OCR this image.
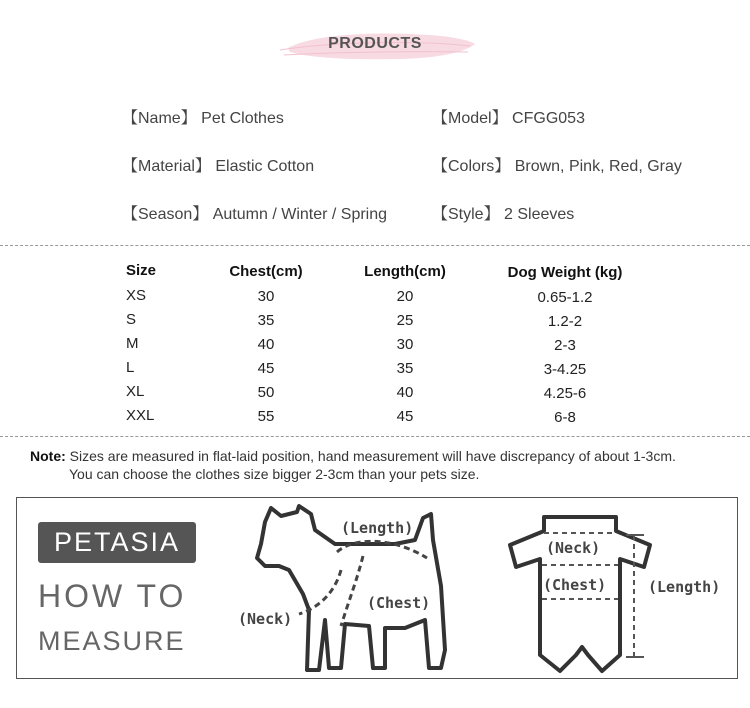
PRODUCTS
【Name】 Pet Clothes	【Model】 CFGG053
【Material】 Elastic Cotton	【Colors】 Brown, Pink, Red, Gray
【Season】 Autumn / Winter / Spring	【Style】 2 Sleeves
Size	Chest(cm)	Length(cm)	Dog Weight (kg)
XS	30	20	0.65-1.2
S	35	25	1.2-2
M	40	30	2-3
L	45	35	3-4.25
XL	50	40	4.25-6
XXL	55	45	6-8
Note: Sizes are measured in flat-laid position, hand measurement will have discrepancy of about 1-3cm.
You can choose the clothes size bigger 2-3cm than your pets size.
PETASIA
HOW TO
MEASURE
(Length)
(Chest)
(Neck)
(Neck)
(Chest)	(Length)
